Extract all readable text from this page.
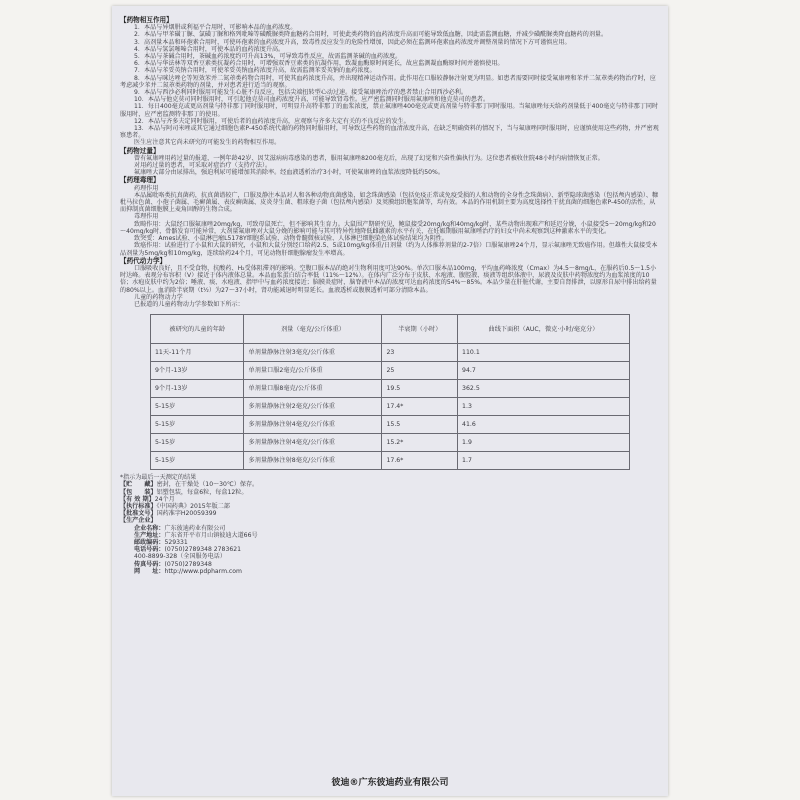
【药物相互作用】
1．本品与异烟肼或利福平合用时，可影响本品的血药浓度。
2．本品与甲苯磺丁脲、氯磺丁脲和格列吡嗪等磺酰脲类降血糖药合用时，可使此类药物的血药浓度升高而可能导致低血糖，因此需监测血糖，并减少磺酰脲类降血糖药的剂量。
3．高剂量本品和环孢素合用时，可使环孢素的血药浓度升高，致毒性反应发生的危险性增加，因此必须在监测环孢素血药浓度并调整剂量的情况下方可谨慎应用。
4．本品与氢氯噻嗪合用时，可使本品的血药浓度升高。
5．本品与茶碱合用时，茶碱血药浓度约可升高13%，可导致毒性反应，故需监测茶碱的血药浓度。
6．本品与华法林等双香豆素类抗凝药合用时，可增强双香豆素类的抗凝作用，致凝血酶原时间延长，故应监测凝血酶原时间并谨慎使用。
7．本品与苯妥英钠合用时，可使苯妥英钠血药浓度升高，故需监测苯妥英钠的血药浓度。
8．本品与咪达唑仑等短效苯并二氮䓬类药物合用时，可使其血药浓度升高，并出现精神运动作用。此作用在口服较静脉注射更为明显。如患者需要同时接受氟康唑和苯并二氮䓬类药物治疗时，应考虑减少苯并二氮䓬类药物的剂量，并对患者进行适当的观察。
9．本品与西沙必利同时服用可能发生心脏不良反应，包括尖端扭转型心动过速。接受氟康唑治疗的患者禁止合用西沙必利。
10．本品与他克莫司同时服用时，可引起他克莫司血药浓度升高，可能导致肾毒性。应严密监测同时服用氟康唑和他克莫司的患者。
11．每日400毫克或更高剂量与特非那丁同时服用时，可明显升高特非那丁的血浆浓度，禁止氟康唑400毫克或更高剂量与特非那丁同时服用。当氟康唑每天给药剂量低于400毫克与特非那丁同时服用时，应严密监测特非那丁的使用。
12．本品与齐多夫定同时服用，可使后者的血药浓度升高，应观察与齐多夫定有关的不良反应的发生。
13．本品与阿司米唑或其它通过细胞色素P-450系统代谢的药物同时服用时，可导致这些药物的血清浓度升高，在缺乏明确资料的情况下，当与氟康唑同时服用时，应谨慎使用这些药物，并严密观察患者。
医生应注意其它尚未研究的可能发生的药物相互作用。
【药物过量】
曾有氟康唑用药过量的报道，一例年龄42岁、因艾滋病病毒感染的患者，服用氟康唑8200毫克后，出现了幻觉和兴奋性偏执行为。这位患者被收住院48小时内病情恢复正常。
对用药过量的患者，可采取对症治疗（支持疗法）。
氟康唑大部分由尿排出，强迫利尿可能增加其消除率。经血液透析治疗3小时，可使氟康唑的血浆浓度降低约50%。
【药理毒理】
药理作用
本品属吡咯类抗真菌药，抗真菌谱较广，口服及静注本品对人和各种动物真菌感染，如念珠菌感染（包括免疫正常或免疫受损的人和动物的全身性念珠菌病）、新型隐球菌感染（包括颅内感染）、糠秕马拉色菌、小孢子菌属、毛癣菌属、表皮癣菌属、皮炎芽生菌、粗球孢子菌（包括颅内感染）及荚膜组织胞浆菌等，均有效。本品的作用机制主要为高度选择性干扰真菌的细胞色素P-450的活性，从而抑制真菌细胞膜上麦角固醇的生物合成。
毒理作用
致畸作用：大鼠经口服氟康唑20mg/kg，可致母鼠死亡，但不影响其生育力。大鼠围产期研究见，鲍鼠接受20mg/kg和40mg/kg时，某些动物出现难产和延迟分娩，小鼠接受5～20mg/kg和20～40mg/kg时，骨骼发育可能异常，大剂量氟康唑对大鼠分娩的影响可能与其可特异性地降低雌激素的水平有关，在妊娠期服用氟康唑治疗的妇女中尚未观察到这种激素水平的变化。
致突变：Ames试验、小鼠淋巴瘤L5178Y细胞系试验、动物骨髓微核试验、人体淋巴细胞染色体试验结果均为阴性。
致癌作用：试验进行了小鼠和大鼠的研究，小鼠和大鼠分别经口给药2.5、5或10mg/kg体重/日剂量（约为人体推荐剂量的2-7倍）口服氟康唑24个月，显示氟康唑无致癌作用。但雄性大鼠接受本品剂量为5mg/kg和10mg/kg，连续给药24个月，可见动物肝细胞腺瘤发生率增高。
【药代动力学】
口服吸收良好，且不受食物、抗酸药、H₂受体阻滞剂的影响。空腹口服本品的绝对生物利用度可达90%。单次口服本品100mg，平均血药峰浓度（Cmax）为4.5～8mg/L，在服药后0.5～1.5小时达峰。表观分布容积（V）接近于体内液体总量。本品血浆蛋白结合率低（11%～12%）。在体内广泛分布于皮肤、水疱液、腹腔液、痰液等组织体液中，尿液及皮肤中药物浓度约为血浆浓度的10倍；水疱皮肤中约为2倍；唾液、痰、水疱液、指甲中与血药浓度接近；脑膜炎症时，脑脊液中本品的浓度可达血药浓度的54%～85%。本品少量在肝脏代谢，主要自肾排泄，以原形自尿中排出给药量的80%以上。血消除半衰期（t½）为27～37小时，肾功能减退时明显延长。血液透析或腹膜透析可部分清除本品。
儿童的药物动力学
已报道的儿童药物动力学参数如下所示：
被研究的儿童的年龄	剂量（毫克/公斤体重）	半衰期（小时）	曲线下面积（AUC，微克·小时/毫克分）
11天-11个月	单剂量静脉注射3毫克/公斤体重	23	110.1
9个月-13岁	单剂量口服2毫克/公斤体重	25	94.7
9个月-13岁	单剂量口服8毫克/公斤体重	19.5	362.5
5-15岁	多剂量静脉注射2毫克/公斤体重	17.4*	1.3
5-15岁	多剂量静脉注射4毫克/公斤体重	15.5	41.6
5-15岁	多剂量静脉注射4毫克/公斤体重	15.2*	1.9
5-15岁	多剂量静脉注射8毫克/公斤体重	17.6*	1.7
*指示为最后一天测定的结果
【贮　　藏】密封，在干燥处（10～30℃）保存。
【包　　装】铝塑包装，每盒6粒，每盒12粒。
【有 效 期】24个月
【执行标准】《中国药典》2015年版二部
【批准文号】国药准字H20059399
【生产企业】
企业名称：广东彼迪药业有限公司
生产地址：广东省开平市月山镇彼迪大道66号
邮政编码：529331
电话号码：(0750)2789348 2783621
400-8899-328（全国服务电话）
传真号码：(0750)2789348
网　　址：http://www.pdpharm.com
彼迪®广东彼迪药业有限公司
